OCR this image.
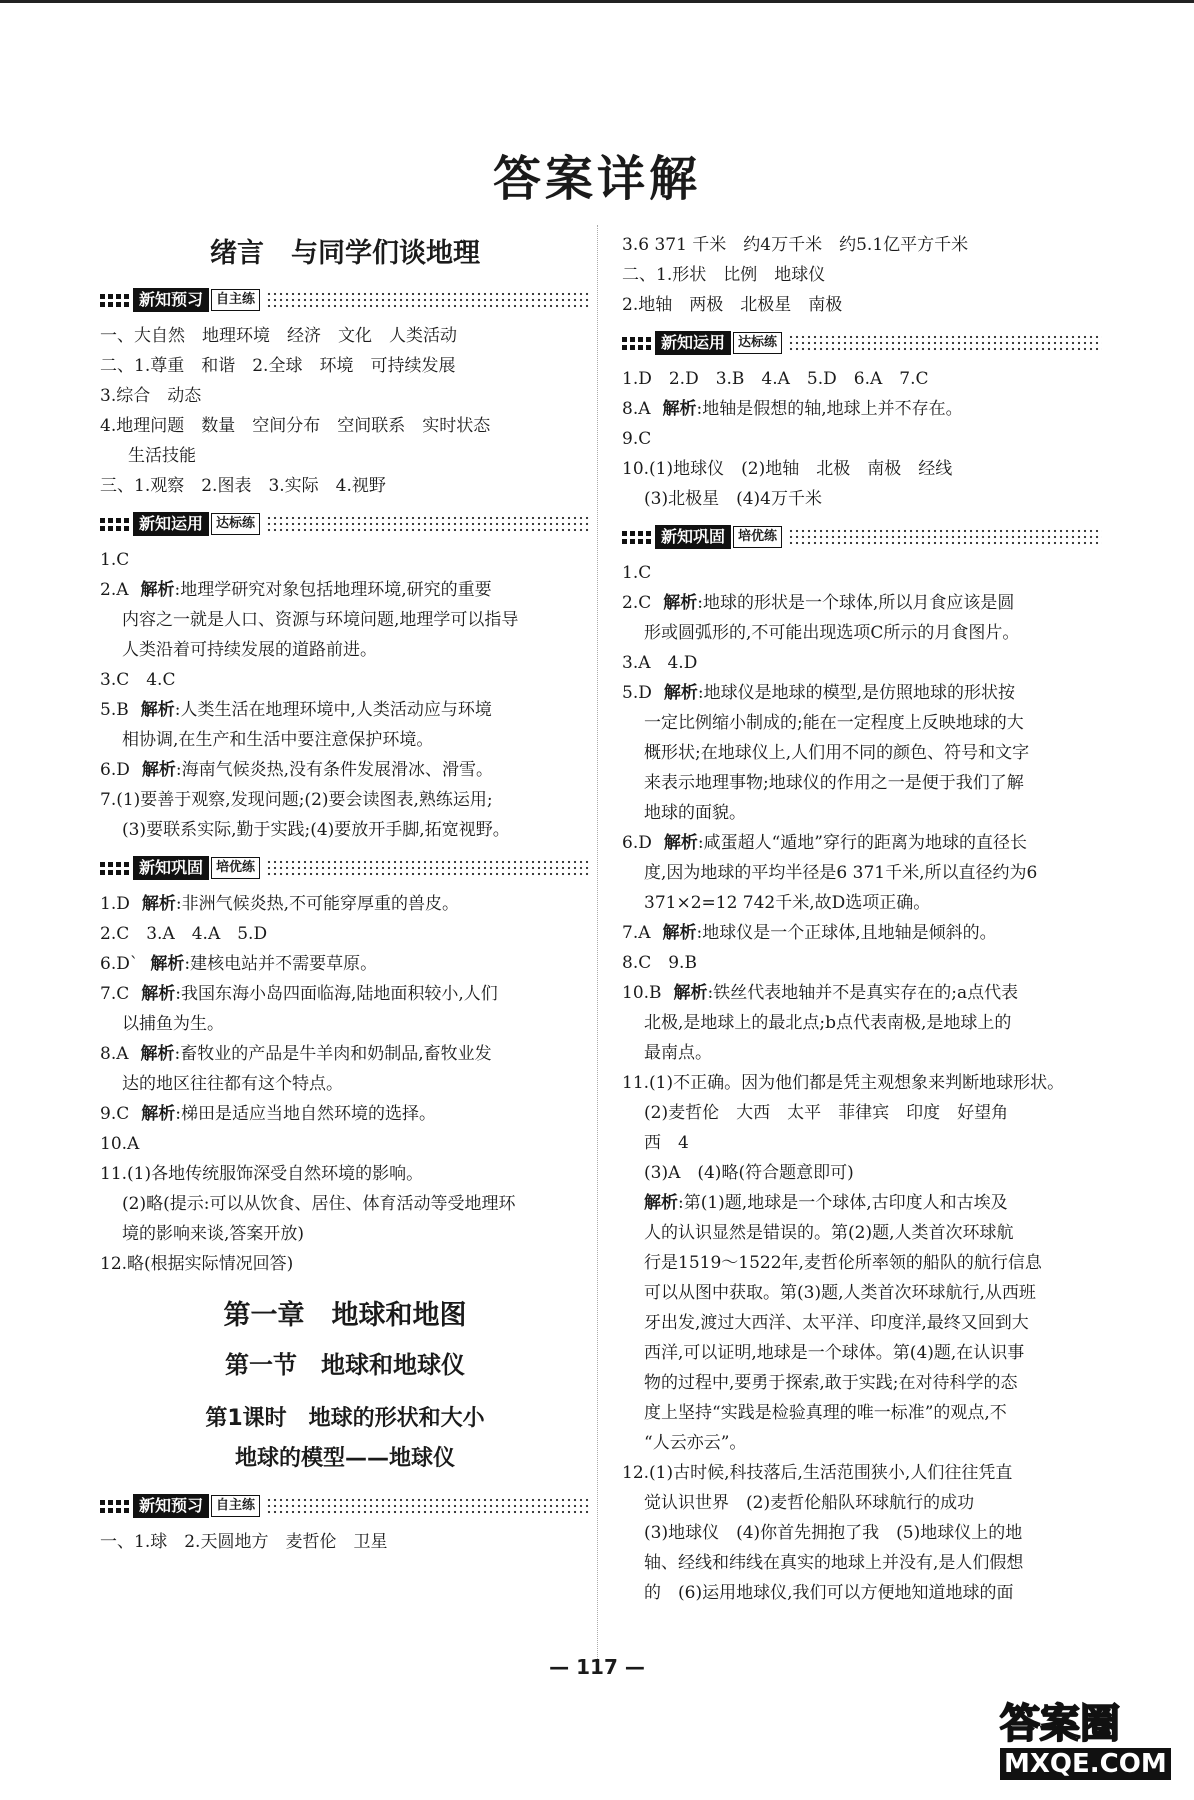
答案详解
绪言　与同学们谈地理
新知预习	自主练
一、大自然　地理环境　经济　文化　人类活动
二、1.尊重　和谐　2.全球　环境　可持续发展
3.综合　动态
4.地理问题　数量　空间分布　空间联系　实时状态
生活技能
三、1.观察　2.图表　3.实际　4.视野
新知运用	达标练
1.C
2.A 解析:地理学研究对象包括地理环境,研究的重要
内容之一就是人口、资源与环境问题,地理学可以指导
人类沿着可持续发展的道路前进。
3.C　4.C
5.B 解析:人类生活在地理环境中,人类活动应与环境
相协调,在生产和生活中要注意保护环境。
6.D 解析:海南气候炎热,没有条件发展滑冰、滑雪。
7.(1)要善于观察,发现问题;(2)要会读图表,熟练运用;
(3)要联系实际,勤于实践;(4)要放开手脚,拓宽视野。
新知巩固	培优练
1.D 解析:非洲气候炎热,不可能穿厚重的兽皮。
2.C　3.A　4.A　5.D
6.D` 解析:建核电站并不需要草原。
7.C 解析:我国东海小岛四面临海,陆地面积较小,人们
以捕鱼为生。
8.A 解析:畜牧业的产品是牛羊肉和奶制品,畜牧业发
达的地区往往都有这个特点。
9.C 解析:梯田是适应当地自然环境的选择。
10.A
11.(1)各地传统服饰深受自然环境的影响。
(2)略(提示:可以从饮食、居住、体育活动等受地理环
境的影响来谈,答案开放)
12.略(根据实际情况回答)
第一章　地球和地图
第一节　地球和地球仪
第1课时　地球的形状和大小
地球的模型——地球仪
新知预习	自主练
一、1.球　2.天圆地方　麦哲伦　卫星
3.6 371 千米　约4万千米　约5.1亿平方千米
二、1.形状　比例　地球仪
2.地轴　两极　北极星　南极
新知运用	达标练
1.D　2.D　3.B　4.A　5.D　6.A　7.C
8.A 解析:地轴是假想的轴,地球上并不存在。
9.C
10.(1)地球仪　(2)地轴　北极　南极　经线
(3)北极星　(4)4万千米
新知巩固	培优练
1.C
2.C 解析:地球的形状是一个球体,所以月食应该是圆
形或圆弧形的,不可能出现选项C所示的月食图片。
3.A　4.D
5.D 解析:地球仪是地球的模型,是仿照地球的形状按
一定比例缩小制成的;能在一定程度上反映地球的大
概形状;在地球仪上,人们用不同的颜色、符号和文字
来表示地理事物;地球仪的作用之一是便于我们了解
地球的面貌。
6.D 解析:咸蛋超人“遁地”穿行的距离为地球的直径长
度,因为地球的平均半径是6 371千米,所以直径约为6
371×2=12 742千米,故D选项正确。
7.A 解析:地球仪是一个正球体,且地轴是倾斜的。
8.C　9.B
10.B 解析:铁丝代表地轴并不是真实存在的;a点代表
北极,是地球上的最北点;b点代表南极,是地球上的
最南点。
11.(1)不正确。因为他们都是凭主观想象来判断地球形状。
(2)麦哲伦　大西　太平　菲律宾　印度　好望角
西　4
(3)A　(4)略(符合题意即可)
解析:第(1)题,地球是一个球体,古印度人和古埃及
人的认识显然是错误的。第(2)题,人类首次环球航
行是1519～1522年,麦哲伦所率领的船队的航行信息
可以从图中获取。第(3)题,人类首次环球航行,从西班
牙出发,渡过大西洋、太平洋、印度洋,最终又回到大
西洋,可以证明,地球是一个球体。第(4)题,在认识事
物的过程中,要勇于探索,敢于实践;在对待科学的态
度上坚持“实践是检验真理的唯一标准”的观点,不
“人云亦云”。
12.(1)古时候,科技落后,生活范围狭小,人们往往凭直
觉认识世界　(2)麦哲伦船队环球航行的成功
(3)地球仪　(4)你首先拥抱了我　(5)地球仪上的地
轴、经线和纬线在真实的地球上并没有,是人们假想
的　(6)运用地球仪,我们可以方便地知道地球的面
— 117 —
答案圈
MXQE.COM
